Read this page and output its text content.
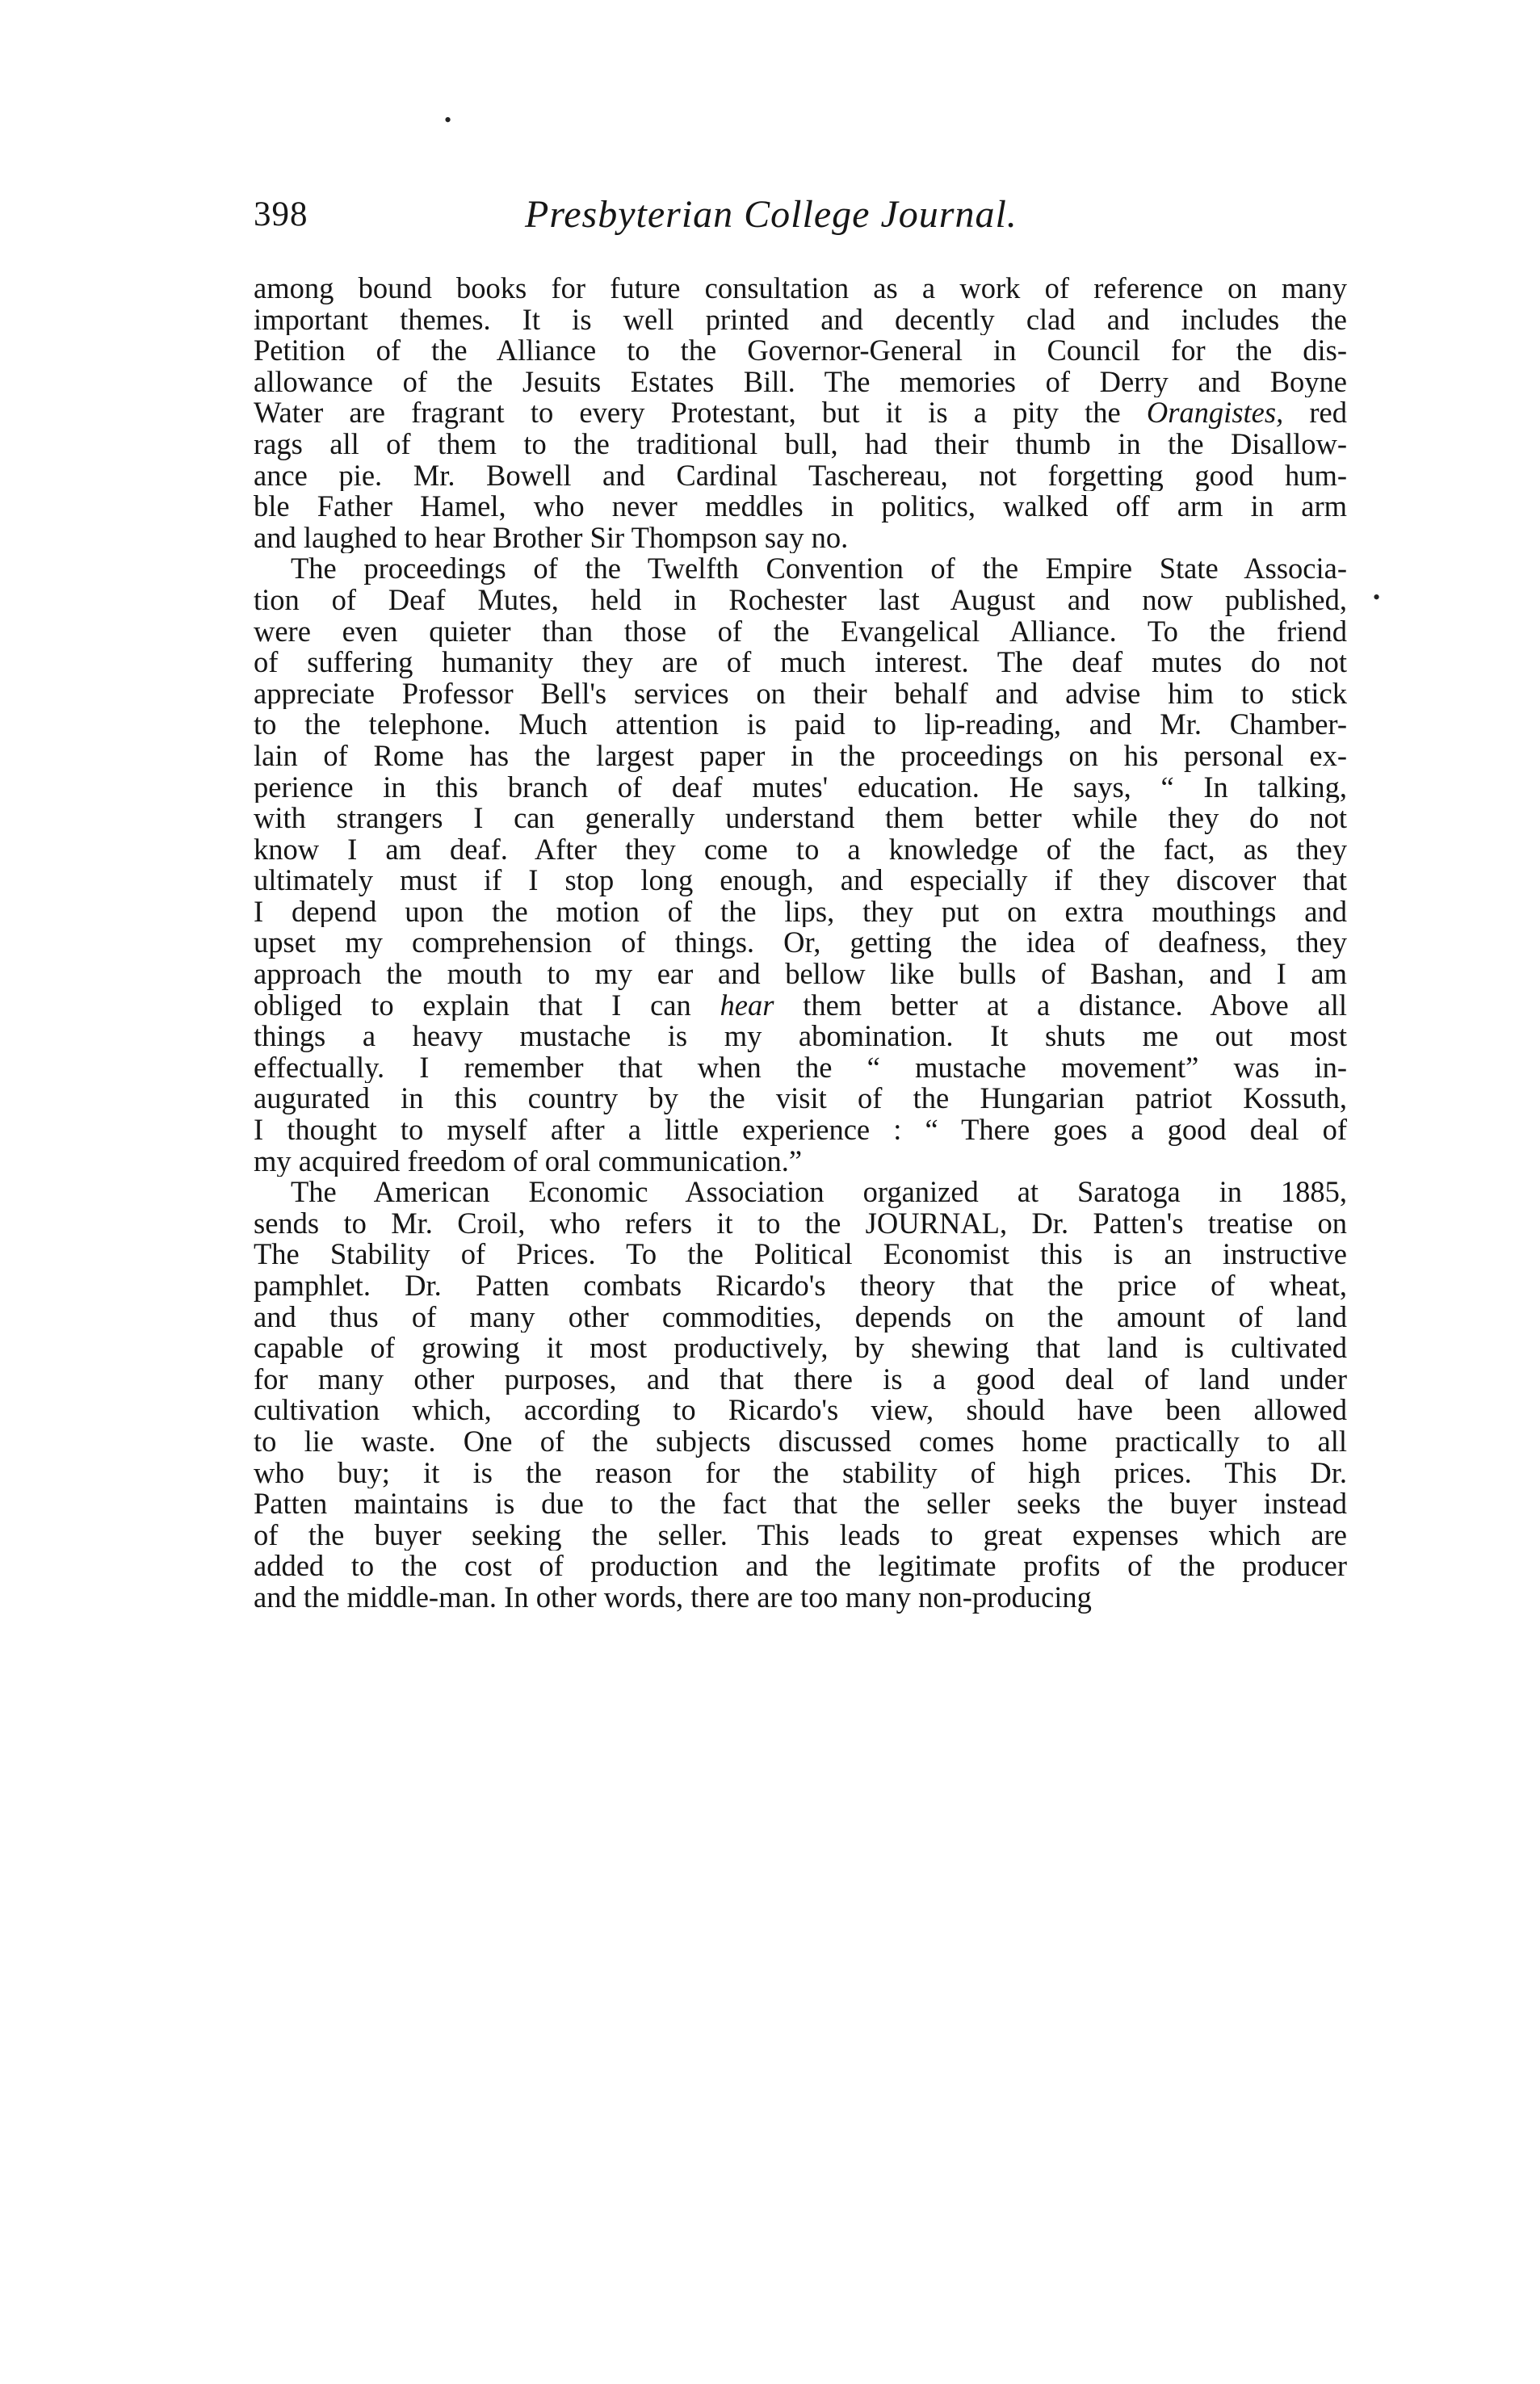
•
•
398	Presbyterian College Journal.
among bound books for future consultation as a work of reference on many
important themes. It is well printed and decently clad and includes the
Petition of the Alliance to the Governor-General in Council for the dis-
allowance of the Jesuits Estates Bill. The memories of Derry and Boyne
Water are fragrant to every Protestant, but it is a pity the Orangistes, red
rags all of them to the traditional bull, had their thumb in the Disallow-
ance pie. Mr. Bowell and Cardinal Taschereau, not forgetting good hum-
ble Father Hamel, who never meddles in politics, walked off arm in arm
and laughed to hear Brother Sir Thompson say no.
The proceedings of the Twelfth Convention of the Empire State Associa-
tion of Deaf Mutes, held in Rochester last August and now published,
were even quieter than those of the Evangelical Alliance. To the friend
of suffering humanity they are of much interest. The deaf mutes do not
appreciate Professor Bell's services on their behalf and advise him to stick
to the telephone. Much attention is paid to lip-reading, and Mr. Chamber-
lain of Rome has the largest paper in the proceedings on his personal ex-
perience in this branch of deaf mutes' education. He says, “ In talking,
with strangers I can generally understand them better while they do not
know I am deaf. After they come to a knowledge of the fact, as they
ultimately must if I stop long enough, and especially if they discover that
I depend upon the motion of the lips, they put on extra mouthings and
upset my comprehension of things. Or, getting the idea of deafness, they
approach the mouth to my ear and bellow like bulls of Bashan, and I am
obliged to explain that I can hear them better at a distance. Above all
things a heavy mustache is my abomination. It shuts me out most
effectually. I remember that when the “ mustache movement” was in-
augurated in this country by the visit of the Hungarian patriot Kossuth,
I thought to myself after a little experience : “ There goes a good deal of
my acquired freedom of oral communication.”
The American Economic Association organized at Saratoga in 1885,
sends to Mr. Croil, who refers it to the JOURNAL, Dr. Patten's treatise on
The Stability of Prices. To the Political Economist this is an instructive
pamphlet. Dr. Patten combats Ricardo's theory that the price of wheat,
and thus of many other commodities, depends on the amount of land
capable of growing it most productively, by shewing that land is cultivated
for many other purposes, and that there is a good deal of land under
cultivation which, according to Ricardo's view, should have been allowed
to lie waste. One of the subjects discussed comes home practically to all
who buy; it is the reason for the stability of high prices. This Dr.
Patten maintains is due to the fact that the seller seeks the buyer instead
of the buyer seeking the seller. This leads to great expenses which are
added to the cost of production and the legitimate profits of the producer
and the middle-man. In other words, there are too many non-producing
